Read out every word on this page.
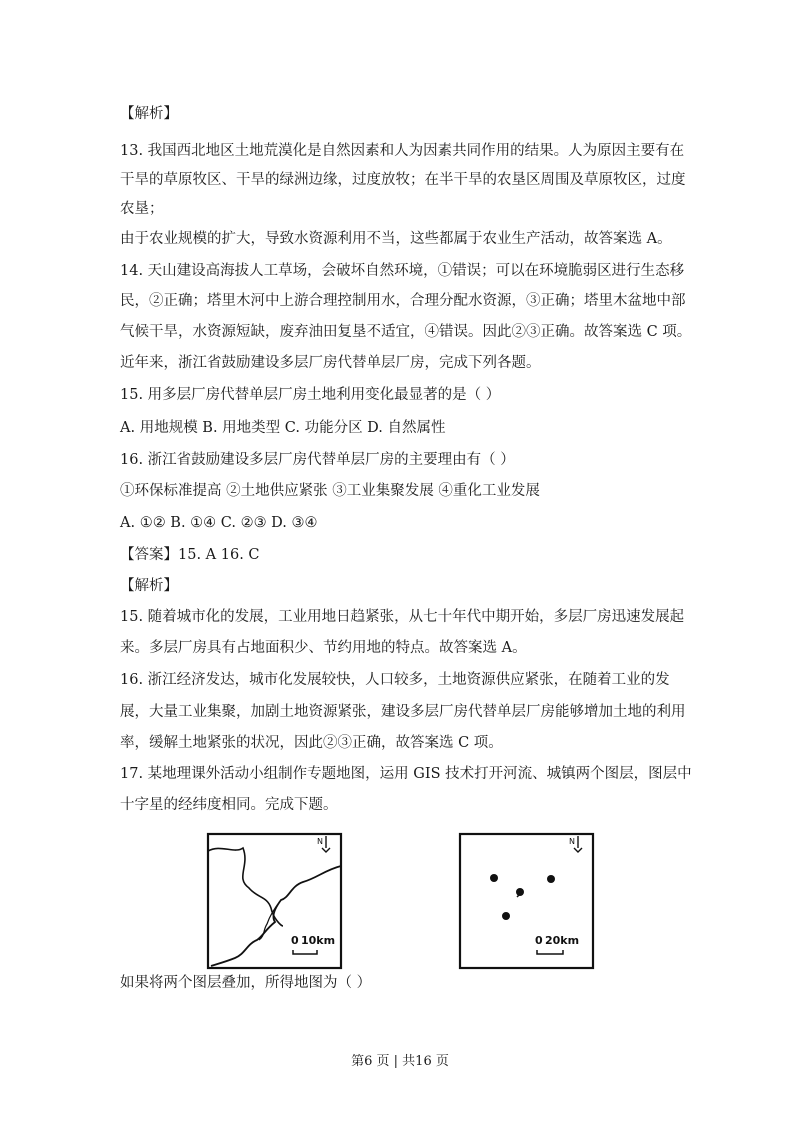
【解析】
13. 我国西北地区土地荒漠化是自然因素和人为因素共同作用的结果。人为原因主要有在
干旱的草原牧区、干旱的绿洲边缘，过度放牧；在半干旱的农垦区周围及草原牧区，过度
农垦；
由于农业规模的扩大，导致水资源利用不当，这些都属于农业生产活动，故答案选 A。
14. 天山建设高海拔人工草场，会破坏自然环境，①错误；可以在环境脆弱区进行生态移
民，②正确；塔里木河中上游合理控制用水，合理分配水资源，③正确；塔里木盆地中部
气候干旱，水资源短缺，废弃油田复垦不适宜，④错误。因此②③正确。故答案选 C 项。
近年来，浙江省鼓励建设多层厂房代替单层厂房，完成下列各题。
15. 用多层厂房代替单层厂房土地利用变化最显著的是（ ）
A. 用地规模 B. 用地类型 C. 功能分区 D. 自然属性
16. 浙江省鼓励建设多层厂房代替单层厂房的主要理由有（ ）
①环保标准提高 ②土地供应紧张 ③工业集聚发展 ④重化工业发展
A. ①② B. ①④ C. ②③ D. ③④
【答案】15. A 16. C
【解析】
15. 随着城市化的发展，工业用地日趋紧张，从七十年代中期开始，多层厂房迅速发展起
来。多层厂房具有占地面积少、节约用地的特点。故答案选 A。
16. 浙江经济发达，城市化发展较快，人口较多，土地资源供应紧张，在随着工业的发
展，大量工业集聚，加剧土地资源紧张，建设多层厂房代替单层厂房能够增加土地的利用
率，缓解土地紧张的状况，因此②③正确，故答案选 C 项。
17. 某地理课外活动小组制作专题地图，运用 GIS 技术打开河流、城镇两个图层，图层中
十字星的经纬度相同。完成下题。
N
0 10km
N
0 20km
如果将两个图层叠加，所得地图为（ ）
第6 页 | 共16 页
